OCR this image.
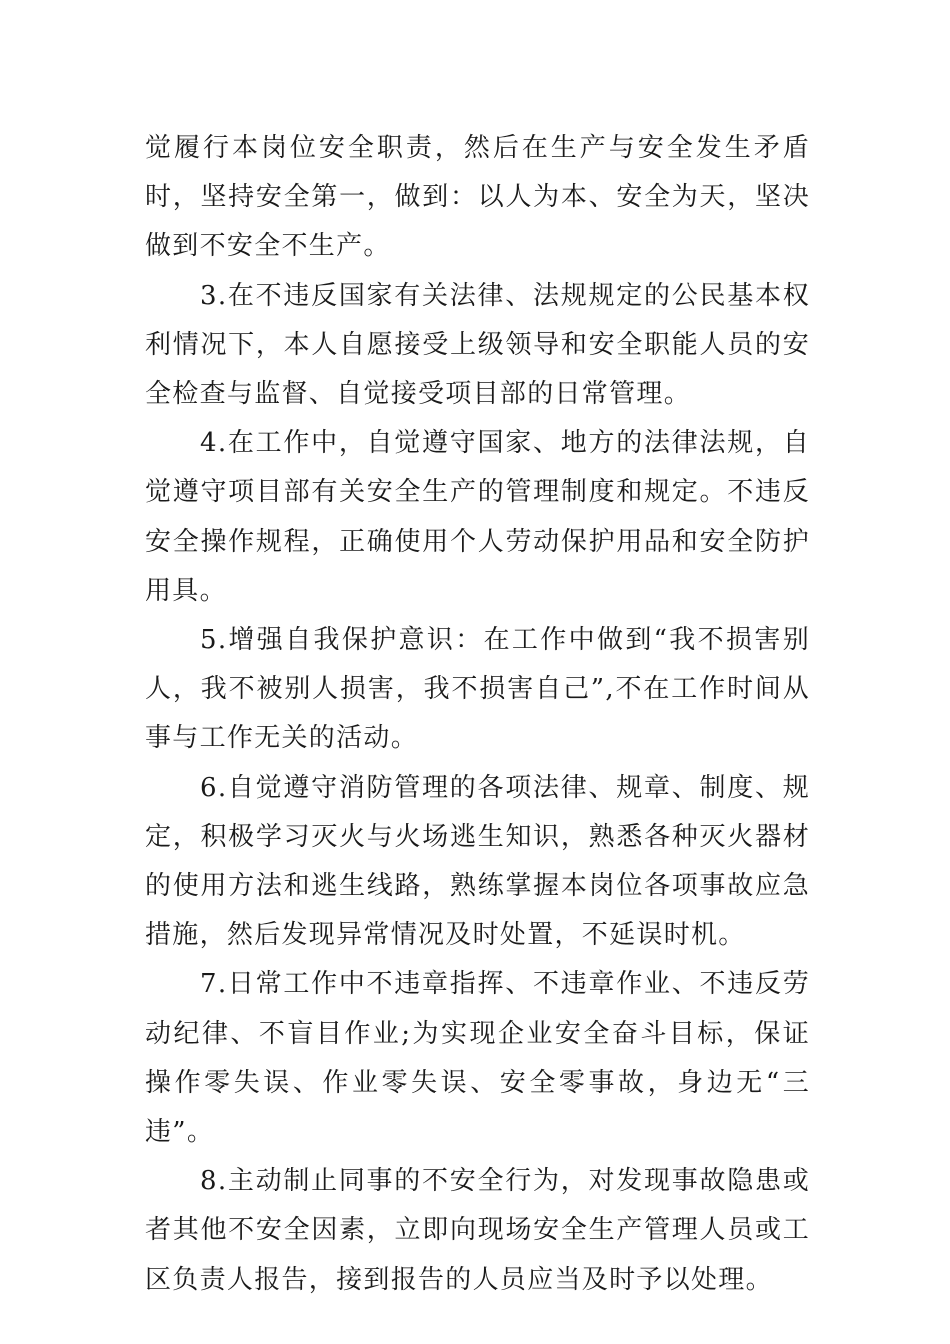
觉履行本岗位安全职责，然后在生产与安全发生矛盾时，坚持安全第一，做到：以人为本、安全为天，坚决做到不安全不生产。

3.在不违反国家有关法律、法规规定的公民基本权利情况下，本人自愿接受上级领导和安全职能人员的安全检查与监督、自觉接受项目部的日常管理。

4.在工作中，自觉遵守国家、地方的法律法规，自觉遵守项目部有关安全生产的管理制度和规定。不违反安全操作规程，正确使用个人劳动保护用品和安全防护用具。

5.增强自我保护意识：在工作中做到“我不损害别人，我不被别人损害，我不损害自己”,不在工作时间从事与工作无关的活动。

6.自觉遵守消防管理的各项法律、规章、制度、规定，积极学习灭火与火场逃生知识，熟悉各种灭火器材的使用方法和逃生线路，熟练掌握本岗位各项事故应急措施，然后发现异常情况及时处置，不延误时机。

7.日常工作中不违章指挥、不违章作业、不违反劳动纪律、不盲目作业;为实现企业安全奋斗目标，保证操作零失误、作业零失误、安全零事故，身边无“三违”。

8.主动制止同事的不安全行为，对发现事故隐患或者其他不安全因素，立即向现场安全生产管理人员或工区负责人报告，接到报告的人员应当及时予以处理。
